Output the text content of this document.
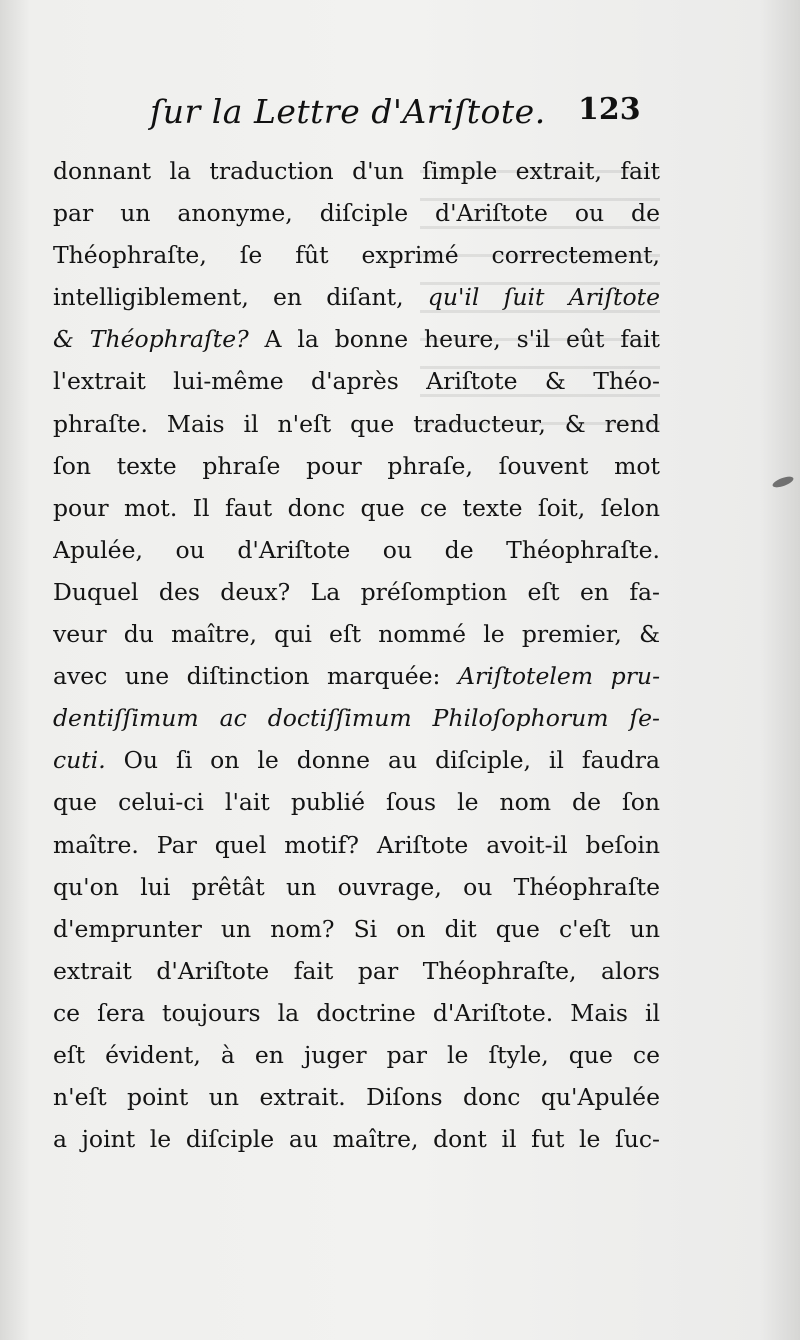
ſur la Lettre d'Ariſtote. 123
donnant la traduction d'un ſimple extrait, fait
par un anonyme, diſciple d'Ariſtote ou de
Théophraſte, ſe fût exprimé correctement,
intelligiblement, en diſant, qu'il ſuit Ariſtote
& Théophraſte? A la bonne heure, s'il eût fait
l'extrait lui-même d'après Ariſtote & Théo-
phraſte. Mais il n'eſt que traducteur, & rend
ſon texte phraſe pour phraſe, ſouvent mot
pour mot. Il faut donc que ce texte ſoit, ſelon
Apulée, ou d'Ariſtote ou de Théophraſte.
Duquel des deux? La préſomption eſt en fa-
veur du maître, qui eſt nommé le premier, &
avec une diſtinction marquée: Ariſtotelem pru-
dentiſſimum ac doctiſſimum Philoſophorum ſe-
cuti. Ou ſi on le donne au diſciple, il faudra
que celui-ci l'ait publié ſous le nom de ſon
maître. Par quel motif? Ariſtote avoit-il beſoin
qu'on lui prêtât un ouvrage, ou Théophraſte
d'emprunter un nom? Si on dit que c'eſt un
extrait d'Ariſtote fait par Théophraſte, alors
ce ſera toujours la doctrine d'Ariſtote. Mais il
eſt évident, à en juger par le ſtyle, que ce
n'eſt point un extrait. Diſons donc qu'Apulée
a joint le diſciple au maître, dont il fut le ſuc-
